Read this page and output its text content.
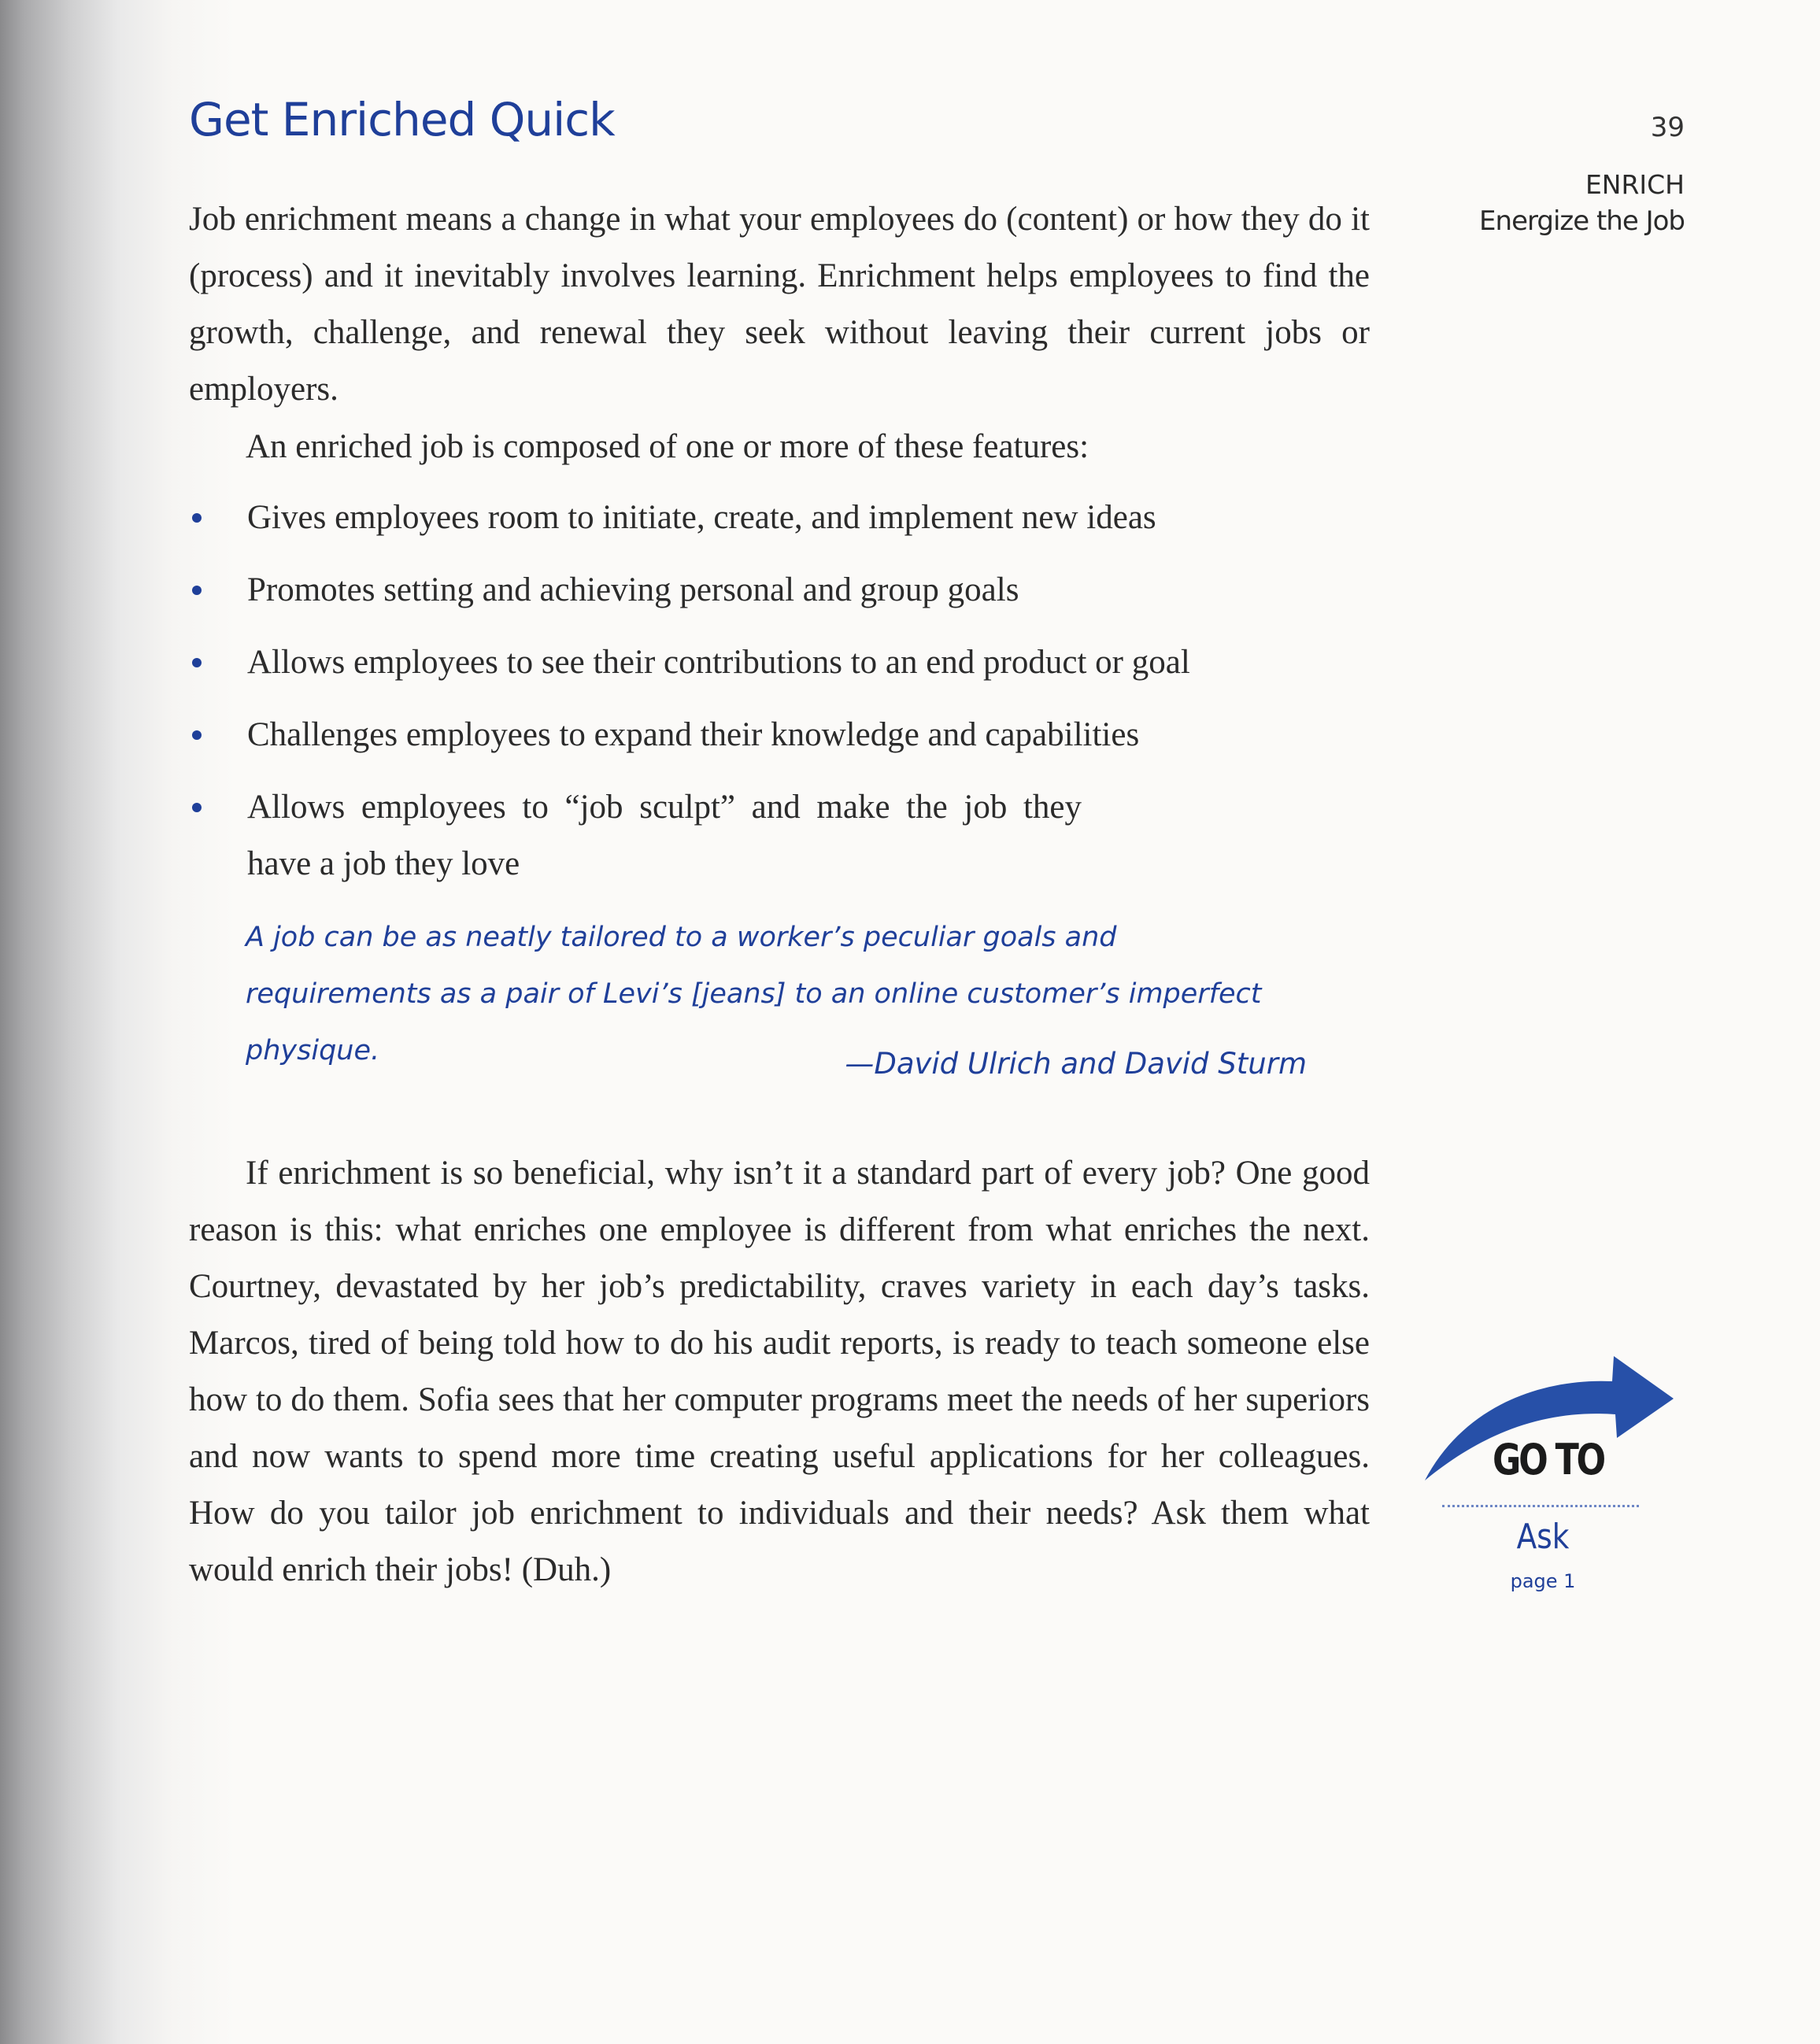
Get Enriched Quick	39
ENRICH
Energize the Job

Job enrichment means a change in what your employees do (content) or how they do it (process) and it inevitably involves learning. Enrichment helps employees to find the growth, challenge, and renewal they seek without leaving their current jobs or employers.

An enriched job is composed of one or more of these features:

Gives employees room to initiate, create, and implement new ideas
Promotes setting and achieving personal and group goals
Allows employees to see their contributions to an end product or goal
Challenges employees to expand their knowledge and capabilities
Allows employees to “job sculpt” and make the job they have a job they love

A job can be as neatly tailored to a worker’s peculiar goals and requirements as a pair of Levi’s [jeans] to an online customer’s imperfect physique.	—David Ulrich and David Sturm

If enrichment is so beneficial, why isn’t it a standard part of every job? One good reason is this: what enriches one employee is different from what enriches the next. Courtney, devastated by her job’s predictability, craves variety in each day’s tasks. Marcos, tired of being told how to do his audit reports, is ready to teach someone else how to do them. Sofia sees that her computer programs meet the needs of her superiors and now wants to spend more time creating useful applications for her colleagues. How do you tailor job enrichment to individuals and their needs? Ask them what would enrich their jobs! (Duh.)

GO TO
Ask
page 1
